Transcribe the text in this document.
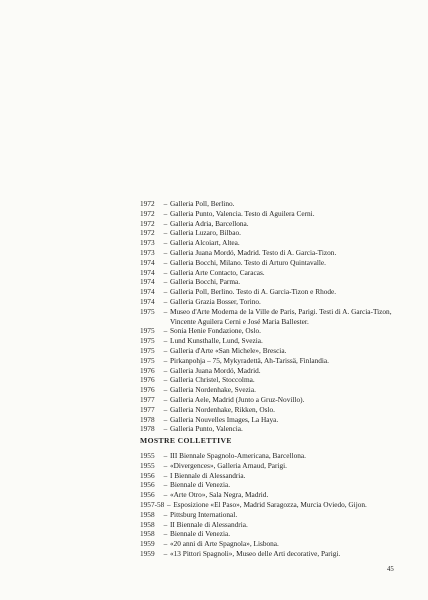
1972	– Galleria Poll, Berlino.
1972	– Galleria Punto, Valencia. Testo di Aguilera Cerni.
1972	– Galleria Adria, Barcellona.
1972	– Galleria Luzaro, Bilbao.
1973	– Galleria Alcoiart, Altea.
1973	– Galleria Juana Mordó, Madrid. Testo di A. Garcia-Tizon.
1974	– Galleria Bocchi, Milano. Testo di Arturo Quintavalle.
1974	– Galleria Arte Contacto, Caracas.
1974	– Galleria Bocchi, Parma.
1974	– Galleria Poll, Berlino. Testo di A. Garcia-Tizon e Rhode.
1974	– Galleria Grazia Bosser, Torino.
1975	– Museo d'Arte Moderna de la Ville de Paris, Parigi. Testi di A. Garcia-Tizon, Vincente Aguilera Cerni e José Maria Ballester.
1975	– Sonia Henie Fondazione, Oslo.
1975	– Lund Kunsthalle, Lund, Svezia.
1975	– Galleria d'Arte «San Michele», Brescia.
1975	– Pirkanpohja – 75, Mykyradettä, Ah-Tarissä, Finlandia.
1976	– Galleria Juana Mordó, Madrid.
1976	– Galleria Christel, Stoccolma.
1976	– Galleria Nordenhake, Svezia.
1977	– Galleria Aele, Madrid (Junto a Gruz-Novillo).
1977	– Galleria Nordenhake, Rikken, Oslo.
1978	– Galleria Nouvelles Images, La Haya.
1978	– Galleria Punto, Valencia.
MOSTRE COLLETTIVE
1955	– III Biennale Spagnolo-Americana, Barcellona.
1955	– «Divergences», Galleria Arnaud, Parigi.
1956	– I Biennale di Alessandria.
1956	– Biennale di Venezia.
1956	– «Arte Otro», Sala Negra, Madrid.
1957-58 – Esposizione «El Paso», Madrid Saragozza, Murcia Oviedo, Gijon.
1958	– Pittsburg International.
1958	– II Biennale di Alessandria.
1958	– Biennale di Venezia.
1959	– «20 anni di Arte Spagnola», Lisbona.
1959	– «13 Pittori Spagnoli», Museo delle Arti decorative, Parigi.
45
